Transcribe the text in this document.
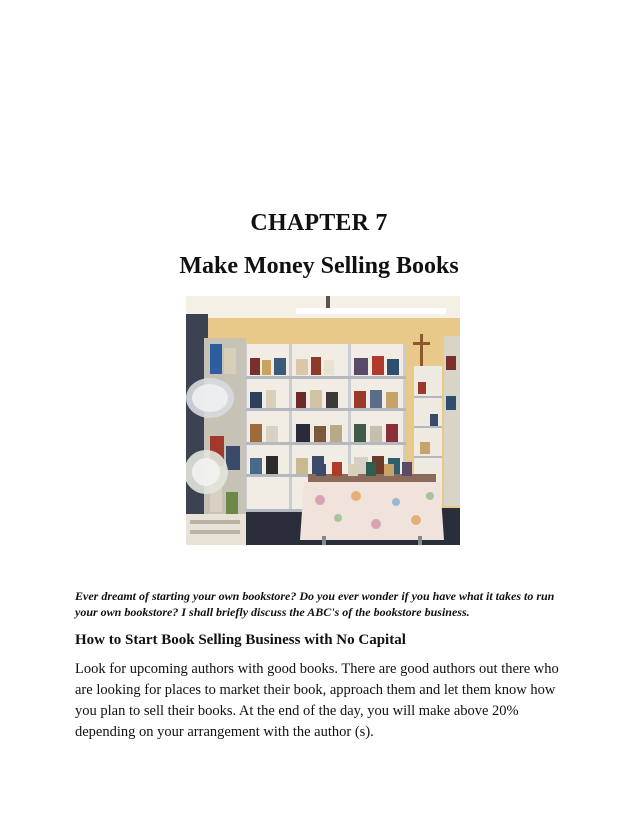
CHAPTER 7
Make Money Selling Books
Ever dreamt of starting your own bookstore? Do you ever wonder if you have what it takes to run your own bookstore? I shall briefly discuss the ABC's of the bookstore business.
How to Start Book Selling Business with No Capital
Look for upcoming authors with good books. There are good authors out there who are looking for places to market their book, approach them and let them know how you plan to sell their books. At the end of the day, you will make above 20% depending on your arrangement with the author (s).
